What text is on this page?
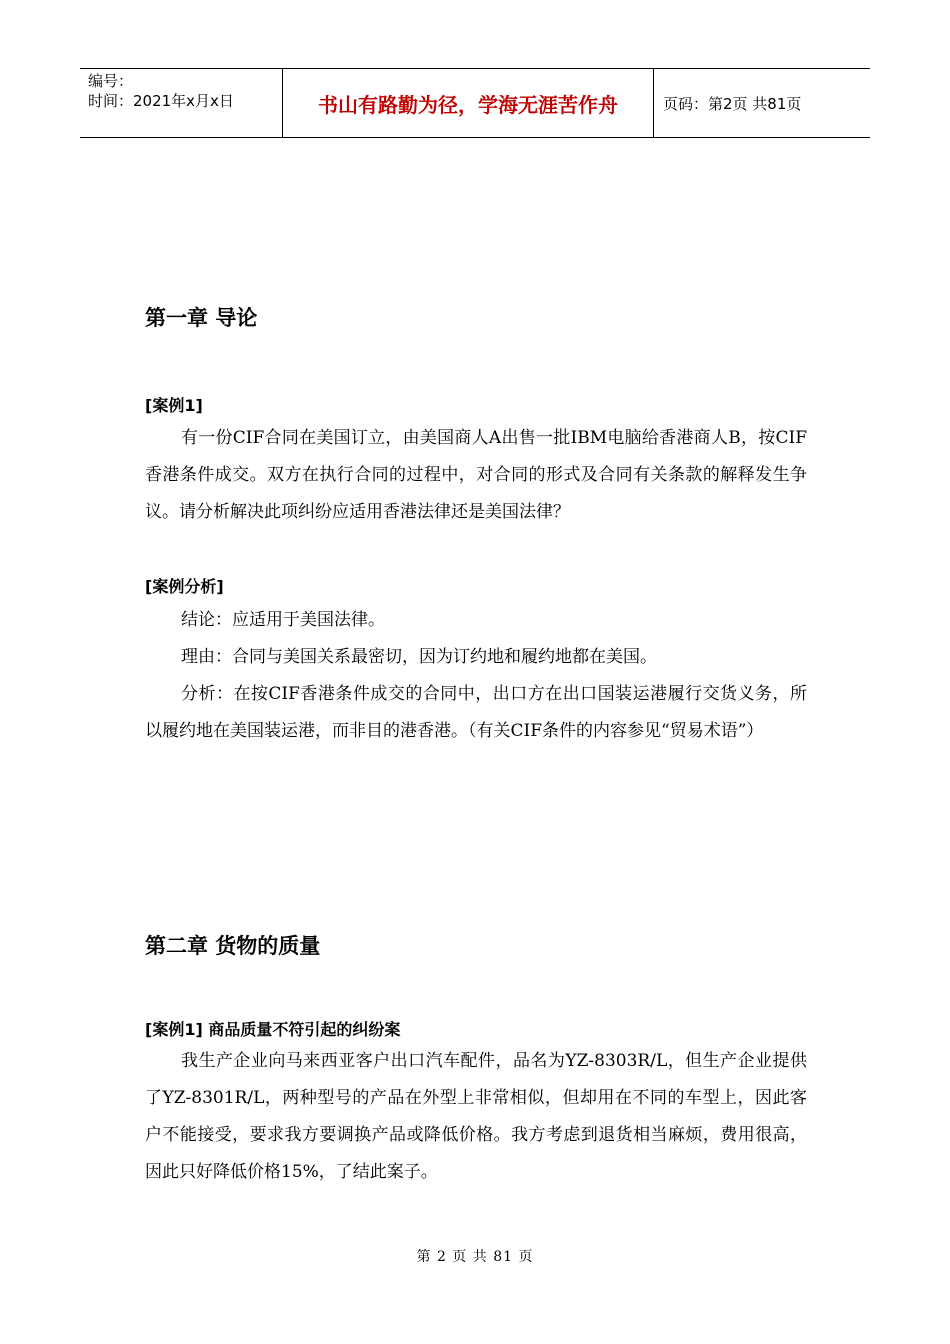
编号：
时间：2021年x月x日	书山有路勤为径，学海无涯苦作舟	页码：第2页 共81页
第一章 导论
[案例1]

有一份CIF合同在美国订立，由美国商人A出售一批IBM电脑给香港商人B，按CIF香港条件成交。双方在执行合同的过程中，对合同的形式及合同有关条款的解释发生争议。请分析解决此项纠纷应适用香港法律还是美国法律？

[案例分析]

结论：应适用于美国法律。

理由：合同与美国关系最密切，因为订约地和履约地都在美国。

分析：在按CIF香港条件成交的合同中，出口方在出口国装运港履行交货义务，所以履约地在美国装运港，而非目的港香港。（有关CIF条件的内容参见“贸易术语”）

第二章 货物的质量
[案例1] 商品质量不符引起的纠纷案

我生产企业向马来西亚客户出口汽车配件，品名为YZ-8303R/L，但生产企业提供了YZ-8301R/L，两种型号的产品在外型上非常相似，但却用在不同的车型上，因此客户不能接受，要求我方要调换产品或降低价格。我方考虑到退货相当麻烦，费用很高，因此只好降低价格15%，了结此案子。

第 2 页 共 81 页
